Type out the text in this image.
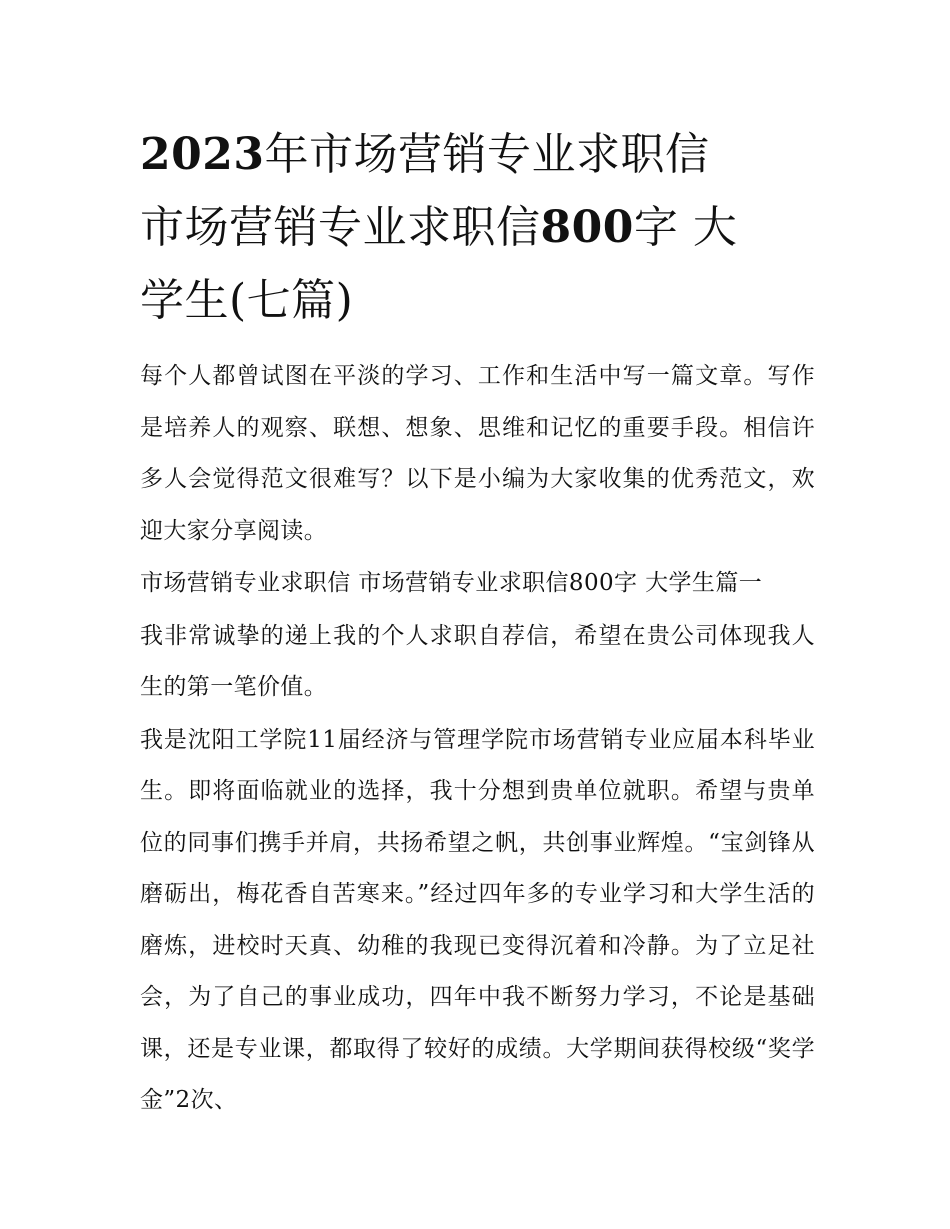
2023年市场营销专业求职信
市场营销专业求职信800字 大
学生(七篇)

每个人都曾试图在平淡的学习、工作和生活中写一篇文章。写作是培养人的观察、联想、想象、思维和记忆的重要手段。相信许多人会觉得范文很难写？以下是小编为大家收集的优秀范文，欢迎大家分享阅读。

市场营销专业求职信 市场营销专业求职信800字 大学生篇一

我非常诚挚的递上我的个人求职自荐信，希望在贵公司体现我人生的第一笔价值。

我是沈阳工学院11届经济与管理学院市场营销专业应届本科毕业生。即将面临就业的选择，我十分想到贵单位就职。希望与贵单位的同事们携手并肩，共扬希望之帆，共创事业辉煌。“宝剑锋从磨砺出，梅花香自苦寒来。”经过四年多的专业学习和大学生活的磨炼，进校时天真、幼稚的我现已变得沉着和冷静。为了立足社会，为了自己的事业成功，四年中我不断努力学习，不论是基础课，还是专业课，都取得了较好的成绩。大学期间获得校级“奖学金”2次、
